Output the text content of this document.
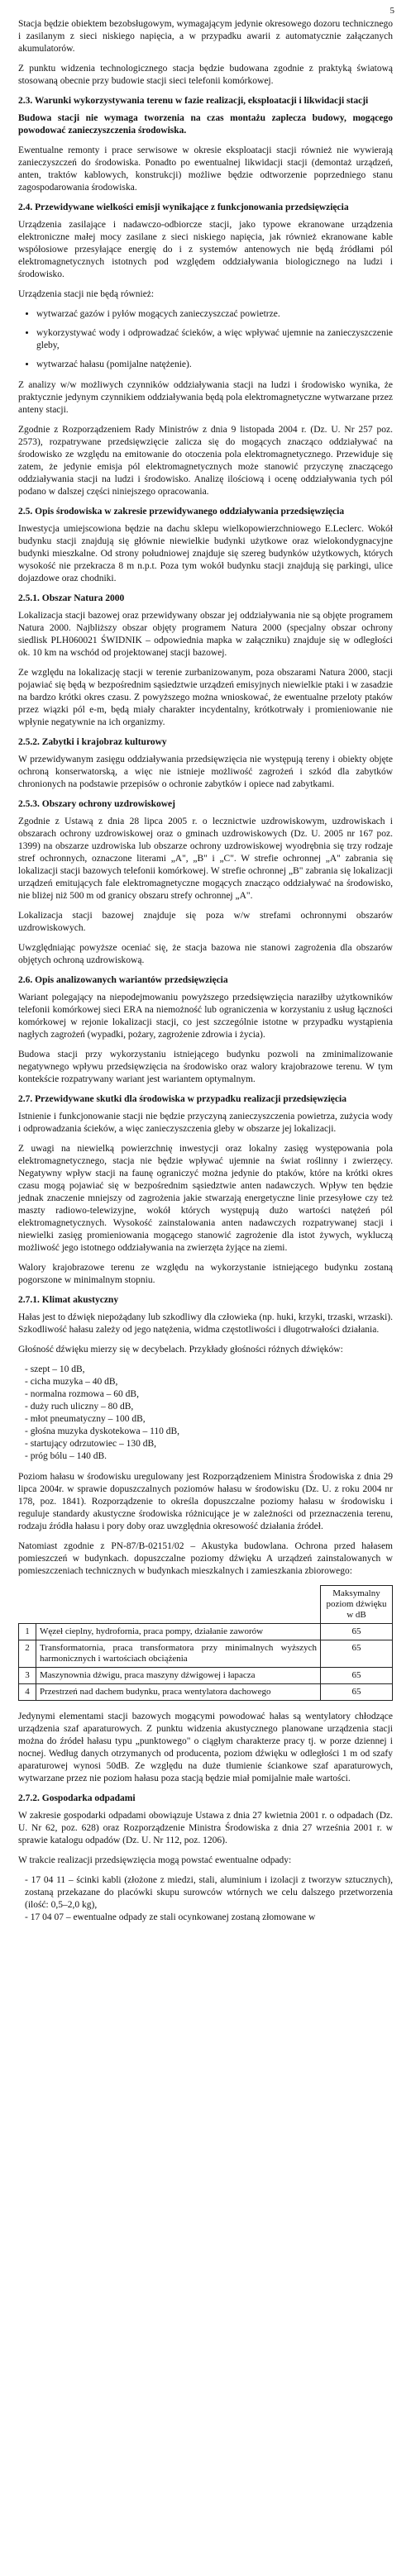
5

Stacja będzie obiektem bezobsługowym, wymagającym jedynie okresowego dozoru technicznego i zasilanym z sieci niskiego napięcia, a w przypadku awarii z automatycznie załączanych akumulatorów.

Z punktu widzenia technologicznego stacja będzie budowana zgodnie z praktyką światową stosowaną obecnie przy budowie stacji sieci telefonii komórkowej.

2.3. Warunki wykorzystywania terenu w fazie realizacji, eksploatacji i likwidacji stacji

Budowa stacji nie wymaga tworzenia na czas montażu zaplecza budowy, mogącego powodować zanieczyszczenia środowiska.

Ewentualne remonty i prace serwisowe w okresie eksploatacji stacji również nie wywierają zanieczyszczeń do środowiska. Ponadto po ewentualnej likwidacji stacji (demontaż urządzeń, anten, traktów kablowych, konstrukcji) możliwe będzie odtworzenie poprzedniego stanu zagospodarowania środowiska.

2.4. Przewidywane wielkości emisji wynikające z funkcjonowania przedsięwzięcia

Urządzenia zasilające i nadawczo-odbiorcze stacji, jako typowe ekranowane urządzenia elektroniczne małej mocy zasilane z sieci niskiego napięcia, jak również ekranowane kable współosiowe przesyłające energię do i z systemów antenowych nie będą źródłami pól elektromagnetycznych istotnych pod względem oddziaływania biologicznego na ludzi i środowisko.

Urządzenia stacji nie będą również:

• wytwarzać gazów i pyłów mogących zanieczyszczać powietrze.
• wykorzystywać wody i odprowadzać ścieków, a więc wpływać ujemnie na zanieczyszczenie gleby,
• wytwarzać hałasu (pomijalne natężenie).

Z analizy w/w możliwych czynników oddziaływania stacji na ludzi i środowisko wynika, że praktycznie jedynym czynnikiem oddziaływania będą pola elektromagnetyczne wytwarzane przez anteny stacji.

Zgodnie z Rozporządzeniem Rady Ministrów z dnia 9 listopada 2004 r. (Dz. U. Nr 257 poz. 2573), rozpatrywane przedsięwzięcie zalicza się do mogących znacząco oddziaływać na środowisko ze względu na emitowanie do otoczenia pola elektromagnetycznego. Przewiduje się zatem, że jedynie emisja pól elektromagnetycznych może stanowić przyczynę znaczącego oddziaływania stacji na ludzi i środowisko. Analizę ilościową i ocenę oddziaływania tych pól podano w dalszej części niniejszego opracowania.

2.5. Opis środowiska w zakresie przewidywanego oddziaływania przedsięwzięcia

Inwestycja umiejscowiona będzie na dachu sklepu wielkopowierzchniowego E.Leclerc. Wokół budynku stacji znajdują się głównie niewielkie budynki użytkowe oraz wielokondygnacyjne budynki mieszkalne. Od strony południowej znajduje się szereg budynków użytkowych, których wysokość nie przekracza 8 m n.p.t. Poza tym wokół budynku stacji znajdują się parkingi, ulice dojazdowe oraz chodniki.

2.5.1. Obszar Natura 2000

Lokalizacja stacji bazowej oraz przewidywany obszar jej oddziaływania nie są objęte programem Natura 2000. Najbliższy obszar objęty programem Natura 2000 (specjalny obszar ochrony siedlisk PLH060021 ŚWIDNIK – odpowiednia mapka w załączniku) znajduje się w odległości ok. 10 km na wschód od projektowanej stacji bazowej.

Ze względu na lokalizację stacji w terenie zurbanizowanym, poza obszarami Natura 2000, stacji pojawiać się będą w bezpośrednim sąsiedztwie urządzeń emisyjnych niewielkie ptaki i w zasadzie na bardzo krótki okres czasu. Z powyższego można wnioskować, że ewentualne przeloty ptaków przez wiązki pól e-m, będą miały charakter incydentalny, krótkotrwały i promieniowanie nie wpłynie negatywnie na ich organizmy.

2.5.2. Zabytki i krajobraz kulturowy

W przewidywanym zasięgu oddziaływania przedsięwzięcia nie występują tereny i obiekty objęte ochroną konserwatorską, a więc nie istnieje możliwość zagrożeń i szkód dla zabytków chronionych na podstawie przepisów o ochronie zabytków i opiece nad zabytkami.

2.5.3. Obszary ochrony uzdrowiskowej

Zgodnie z Ustawą z dnia 28 lipca 2005 r. o lecznictwie uzdrowiskowym, uzdrowiskach i obszarach ochrony uzdrowiskowej oraz o gminach uzdrowiskowych (Dz. U. 2005 nr 167 poz. 1399) na obszarze uzdrowiska lub obszarze ochrony uzdrowiskowej wyodrębnia się trzy rodzaje stref ochronnych, oznaczone literami „A", „B" i „C". W strefie ochronnej „A" zabrania się lokalizacji stacji bazowych telefonii komórkowej. W strefie ochronnej „B" zabrania się lokalizacji urządzeń emitujących fale elektromagnetyczne mogących znacząco oddziaływać na środowisko, nie bliżej niż 500 m od granicy obszaru strefy ochronnej „A".

Lokalizacja stacji bazowej znajduje się poza w/w strefami ochronnymi obszarów uzdrowiskowych.

Uwzględniając powyższe oceniać się, że stacja bazowa nie stanowi zagrożenia dla obszarów objętych ochroną uzdrowiskową.

2.6. Opis analizowanych wariantów przedsięwzięcia

Wariant polegający na niepodejmowaniu powyższego przedsięwzięcia naraziłby użytkowników telefonii komórkowej sieci ERA na niemożność lub ograniczenia w korzystaniu z usług łączności komórkowej w rejonie lokalizacji stacji, co jest szczególnie istotne w przypadku wystąpienia nagłych zagrożeń (wypadki, pożary, zagrożenie zdrowia i życia).

Budowa stacji przy wykorzystaniu istniejącego budynku pozwoli na zminimalizowanie negatywnego wpływu przedsięwzięcia na środowisko oraz walory krajobrazowe terenu. W tym kontekście rozpatrywany wariant jest wariantem optymalnym.

2.7. Przewidywane skutki dla środowiska w przypadku realizacji przedsięwzięcia

Istnienie i funkcjonowanie stacji nie będzie przyczyną zanieczyszczenia powietrza, zużycia wody i odprowadzania ścieków, a więc zanieczyszczenia gleby w obszarze jej lokalizacji.

Z uwagi na niewielką powierzchnię inwestycji oraz lokalny zasięg występowania pola elektromagnetycznego, stacja nie będzie wpływać ujemnie na świat roślinny i zwierzęcy. Negatywny wpływ stacji na faunę ograniczyć można jedynie do ptaków, które na krótki okres czasu mogą pojawiać się w bezpośrednim sąsiedztwie anten nadawczych. Wpływ ten będzie jednak znaczenie mniejszy od zagrożenia jakie stwarzają energetyczne linie przesyłowe czy też maszty radiowo-telewizyjne, wokół których występują dużo wartości natężeń pól elektromagnetycznych. Wysokość zainstalowania anten nadawczych rozpatrywanej stacji i niewielki zasięg promieniowania mogącego stanowić zagrożenie dla istot żywych, wykluczą możliwość jego istotnego oddziaływania na zwierzęta żyjące na ziemi.

Walory krajobrazowe terenu ze względu na wykorzystanie istniejącego budynku zostaną pogorszone w minimalnym stopniu.

2.7.1. Klimat akustyczny

Hałas jest to dźwięk niepożądany lub szkodliwy dla człowieka (np. huki, krzyki, trzaski, wrzaski). Szkodliwość hałasu zależy od jego natężenia, widma częstotliwości i długotrwałości działania.

Głośność dźwięku mierzy się w decybelach. Przykłady głośności różnych dźwięków:

- szept – 10 dB,
- cicha muzyka – 40 dB,
- normalna rozmowa – 60 dB,
- duży ruch uliczny – 80 dB,
- młot pneumatyczny – 100 dB,
- głośna muzyka dyskotekowa – 110 dB,
- startujący odrzutowiec – 130 dB,
- próg bólu – 140 dB.

Poziom hałasu w środowisku uregulowany jest Rozporządzeniem Ministra Środowiska z dnia 29 lipca 2004r. w sprawie dopuszczalnych poziomów hałasu w środowisku (Dz. U. z roku 2004 nr 178, poz. 1841). Rozporządzenie to określa dopuszczalne poziomy hałasu w środowisku i reguluje standardy akustyczne środowiska różnicujące je w zależności od przeznaczenia terenu, rodzaju źródła hałasu i pory doby oraz uwzględnia okresowość działania źródeł.

Natomiast zgodnie z PN-87/B-02151/02 – Akustyka budowlana. Ochrona przed hałasem pomieszczeń w budynkach. dopuszczalne poziomy dźwięku A urządzeń zainstalowanych w pomieszczeniach technicznych w budynkach mieszkalnych i zamieszkania zbiorowego:

		Maksymalny poziom dźwięku w dB
1	Węzeł cieplny, hydrofornia, praca pompy, działanie zaworów	65
2	Transformatornia, praca transformatora przy minimalnych wyższych harmonicznych i wartościach obciążenia	65
3	Maszynownia dźwigu, praca maszyny dźwigowej i łapacza	65
4	Przestrzeń nad dachem budynku, praca wentylatora dachowego	65

Jedynymi elementami stacji bazowych mogącymi powodować hałas są wentylatory chłodzące urządzenia szaf aparaturowych. Z punktu widzenia akustycznego planowane urządzenia stacji można do źródeł hałasu typu „punktowego" o ciągłym charakterze pracy tj. w porze dziennej i nocnej. Według danych otrzymanych od producenta, poziom dźwięku w odległości 1 m od szafy aparaturowej wynosi 50dB. Ze względu na duże tłumienie ściankowe szaf aparaturowych, wytwarzane przez nie poziom hałasu poza stacją będzie miał pomijalnie małe wartości.

2.7.2. Gospodarka odpadami

W zakresie gospodarki odpadami obowiązuje Ustawa z dnia 27 kwietnia 2001 r. o odpadach (Dz. U. Nr 62, poz. 628) oraz Rozporządzenie Ministra Środowiska z dnia 27 września 2001 r. w sprawie katalogu odpadów (Dz. U. Nr 112, poz. 1206).

W trakcie realizacji przedsięwzięcia mogą powstać ewentualne odpady:

- 17 04 11 – ścinki kabli (złożone z miedzi, stali, aluminium i izolacji z tworzyw sztucznych), zostaną przekazane do placówki skupu surowców wtórnych we celu dalszego przetworzenia (ilość: 0,5–2,0 kg),
- 17 04 07 – ewentualne odpady ze stali ocynkowanej zostaną złomowane w
